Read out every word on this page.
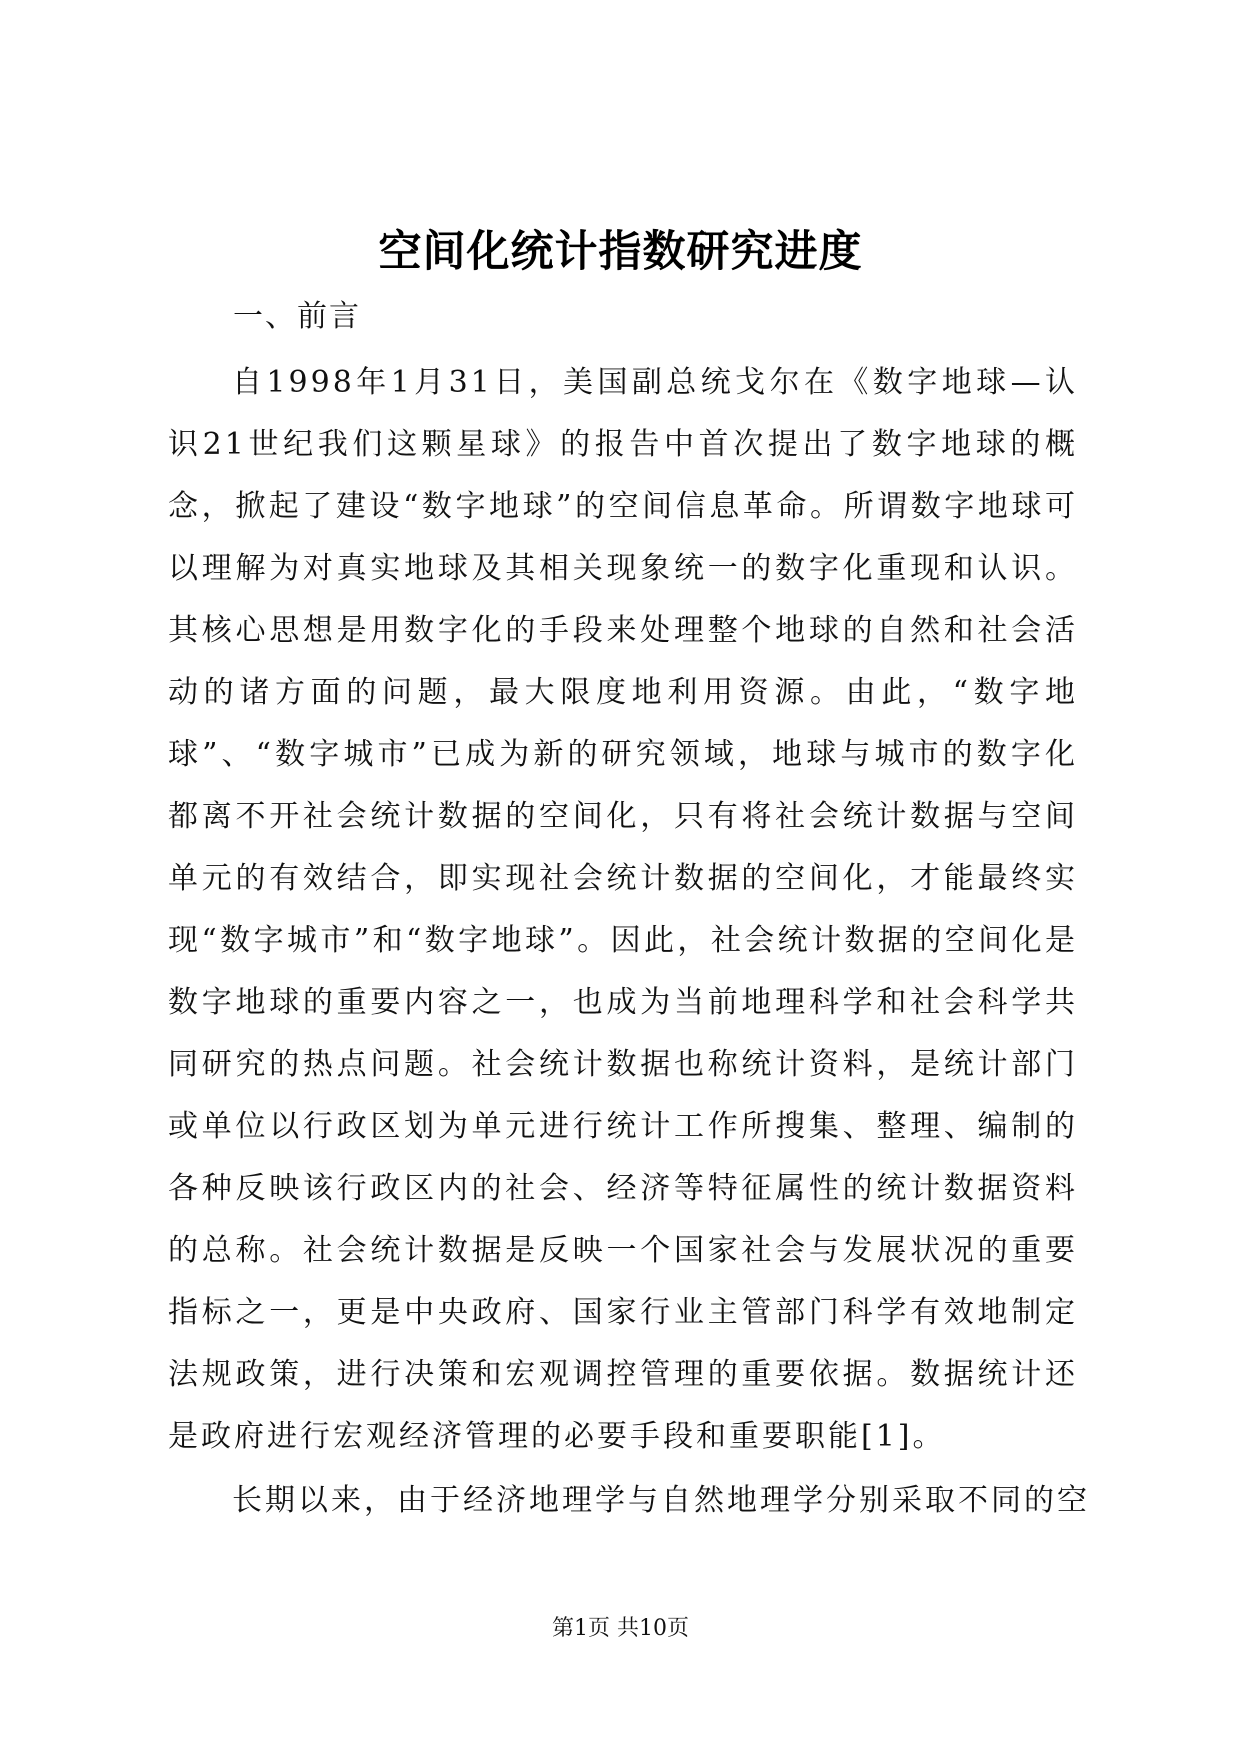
空间化统计指数研究进度
一、前言

自1998年1月31日，美国副总统戈尔在《数字地球—认识21世纪我们这颗星球》的报告中首次提出了数字地球的概念，掀起了建设“数字地球”的空间信息革命。所谓数字地球可以理解为对真实地球及其相关现象统一的数字化重现和认识。其核心思想是用数字化的手段来处理整个地球的自然和社会活动的诸方面的问题，最大限度地利用资源。由此，“数字地球”、“数字城市”已成为新的研究领域，地球与城市的数字化都离不开社会统计数据的空间化，只有将社会统计数据与空间单元的有效结合，即实现社会统计数据的空间化，才能最终实现“数字城市”和“数字地球”。因此，社会统计数据的空间化是数字地球的重要内容之一，也成为当前地理科学和社会科学共同研究的热点问题。社会统计数据也称统计资料，是统计部门或单位以行政区划为单元进行统计工作所搜集、整理、编制的各种反映该行政区内的社会、经济等特征属性的统计数据资料的总称。社会统计数据是反映一个国家社会与发展状况的重要指标之一，更是中央政府、国家行业主管部门科学有效地制定法规政策，进行决策和宏观调控管理的重要依据。数据统计还是政府进行宏观经济管理的必要手段和重要职能[1]。

长期以来，由于经济地理学与自然地理学分别采取不同的空

第1页 共10页
